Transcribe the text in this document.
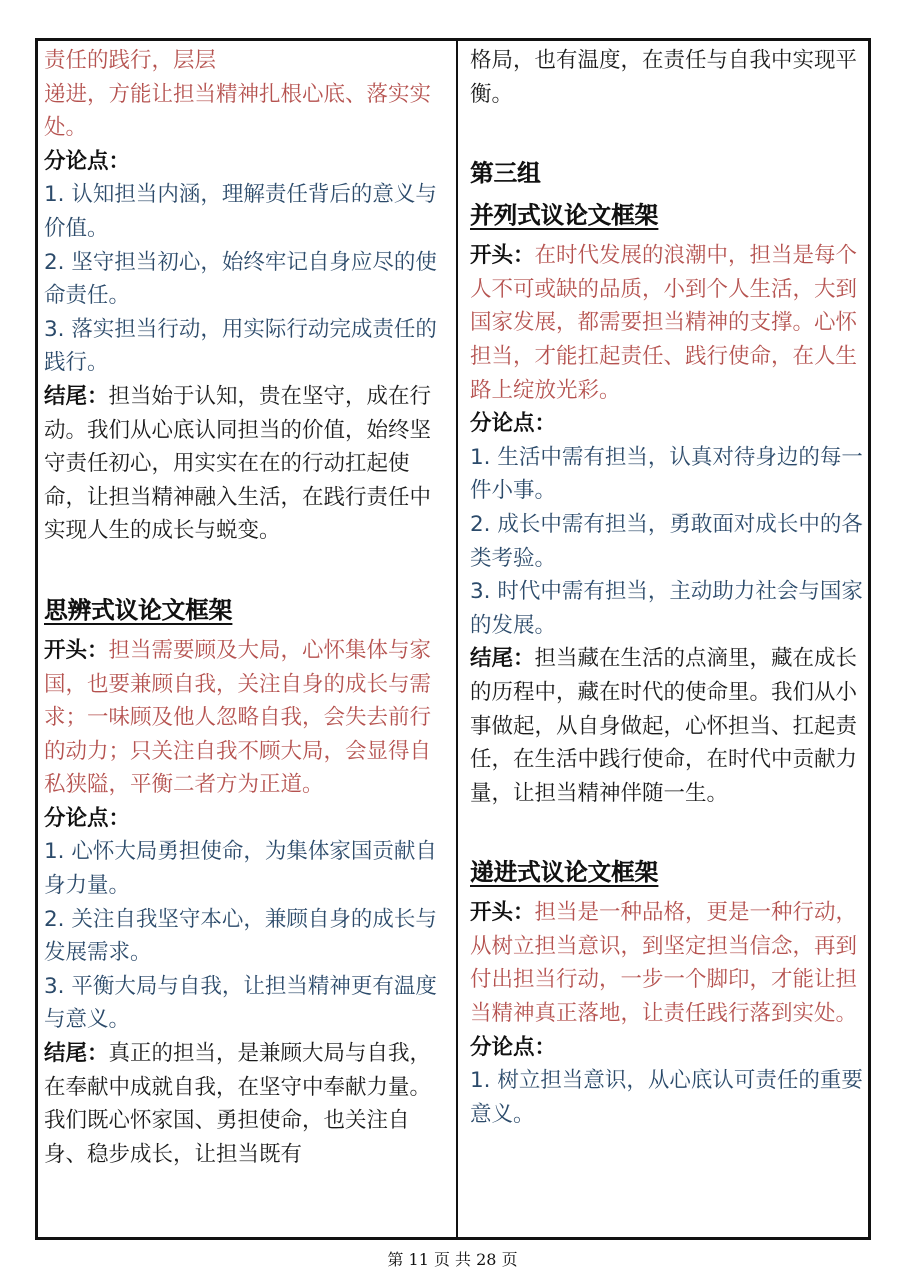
责任的践行，层层

递进，方能让担当精神扎根心底、落实实处。

分论点：

1. 认知担当内涵，理解责任背后的意义与价值。

2. 坚守担当初心，始终牢记自身应尽的使命责任。

3. 落实担当行动，用实际行动完成责任的践行。

结尾：担当始于认知，贵在坚守，成在行动。我们从心底认同担当的价值，始终坚守责任初心，用实实在在的行动扛起使命，让担当精神融入生活，在践行责任中实现人生的成长与蜕变。

思辨式议论文框架

开头：担当需要顾及大局，心怀集体与家国，也要兼顾自我，关注自身的成长与需求；一味顾及他人忽略自我，会失去前行的动力；只关注自我不顾大局，会显得自私狭隘，平衡二者方为正道。

分论点：

1. 心怀大局勇担使命，为集体家国贡献自身力量。

2. 关注自我坚守本心，兼顾自身的成长与发展需求。

3. 平衡大局与自我，让担当精神更有温度与意义。

结尾：真正的担当，是兼顾大局与自我，在奉献中成就自我，在坚守中奉献力量。我们既心怀家国、勇担使命，也关注自身、稳步成长，让担当既有

格局，也有温度，在责任与自我中实现平衡。

第三组

并列式议论文框架

开头：在时代发展的浪潮中，担当是每个人不可或缺的品质，小到个人生活，大到国家发展，都需要担当精神的支撑。心怀担当，才能扛起责任、践行使命，在人生路上绽放光彩。

分论点：

1. 生活中需有担当，认真对待身边的每一件小事。

2. 成长中需有担当，勇敢面对成长中的各类考验。

3. 时代中需有担当，主动助力社会与国家的发展。

结尾：担当藏在生活的点滴里，藏在成长的历程中，藏在时代的使命里。我们从小事做起，从自身做起，心怀担当、扛起责任，在生活中践行使命，在时代中贡献力量，让担当精神伴随一生。

递进式议论文框架

开头：担当是一种品格，更是一种行动，从树立担当意识，到坚定担当信念，再到付出担当行动，一步一个脚印，才能让担当精神真正落地，让责任践行落到实处。

分论点：

1. 树立担当意识，从心底认可责任的重要意义。

第 11 页 共 28 页
